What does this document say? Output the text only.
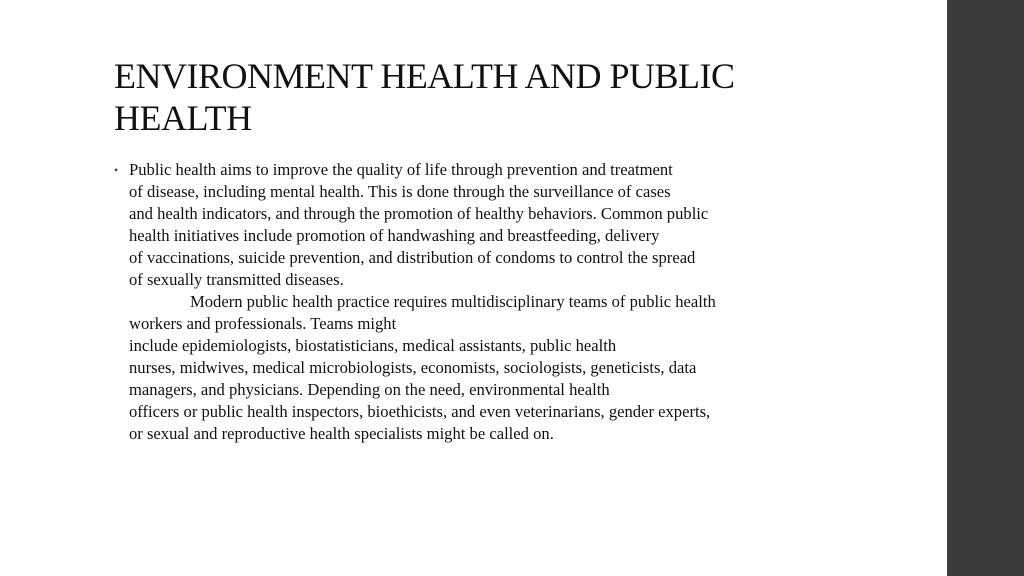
ENVIRONMENT HEALTH AND PUBLIC
HEALTH
• Public health aims to improve the quality of life through prevention and treatment
of disease, including mental health. This is done through the surveillance of cases
and health indicators, and through the promotion of healthy behaviors. Common public
health initiatives include promotion of handwashing and breastfeeding, delivery
of vaccinations, suicide prevention, and distribution of condoms to control the spread
of sexually transmitted diseases.
Modern public health practice requires multidisciplinary teams of public health
workers and professionals. Teams might
include epidemiologists, biostatisticians, medical assistants, public health
nurses, midwives, medical microbiologists, economists, sociologists, geneticists, data
managers, and physicians. Depending on the need, environmental health
officers or public health inspectors, bioethicists, and even veterinarians, gender experts,
or sexual and reproductive health specialists might be called on.
